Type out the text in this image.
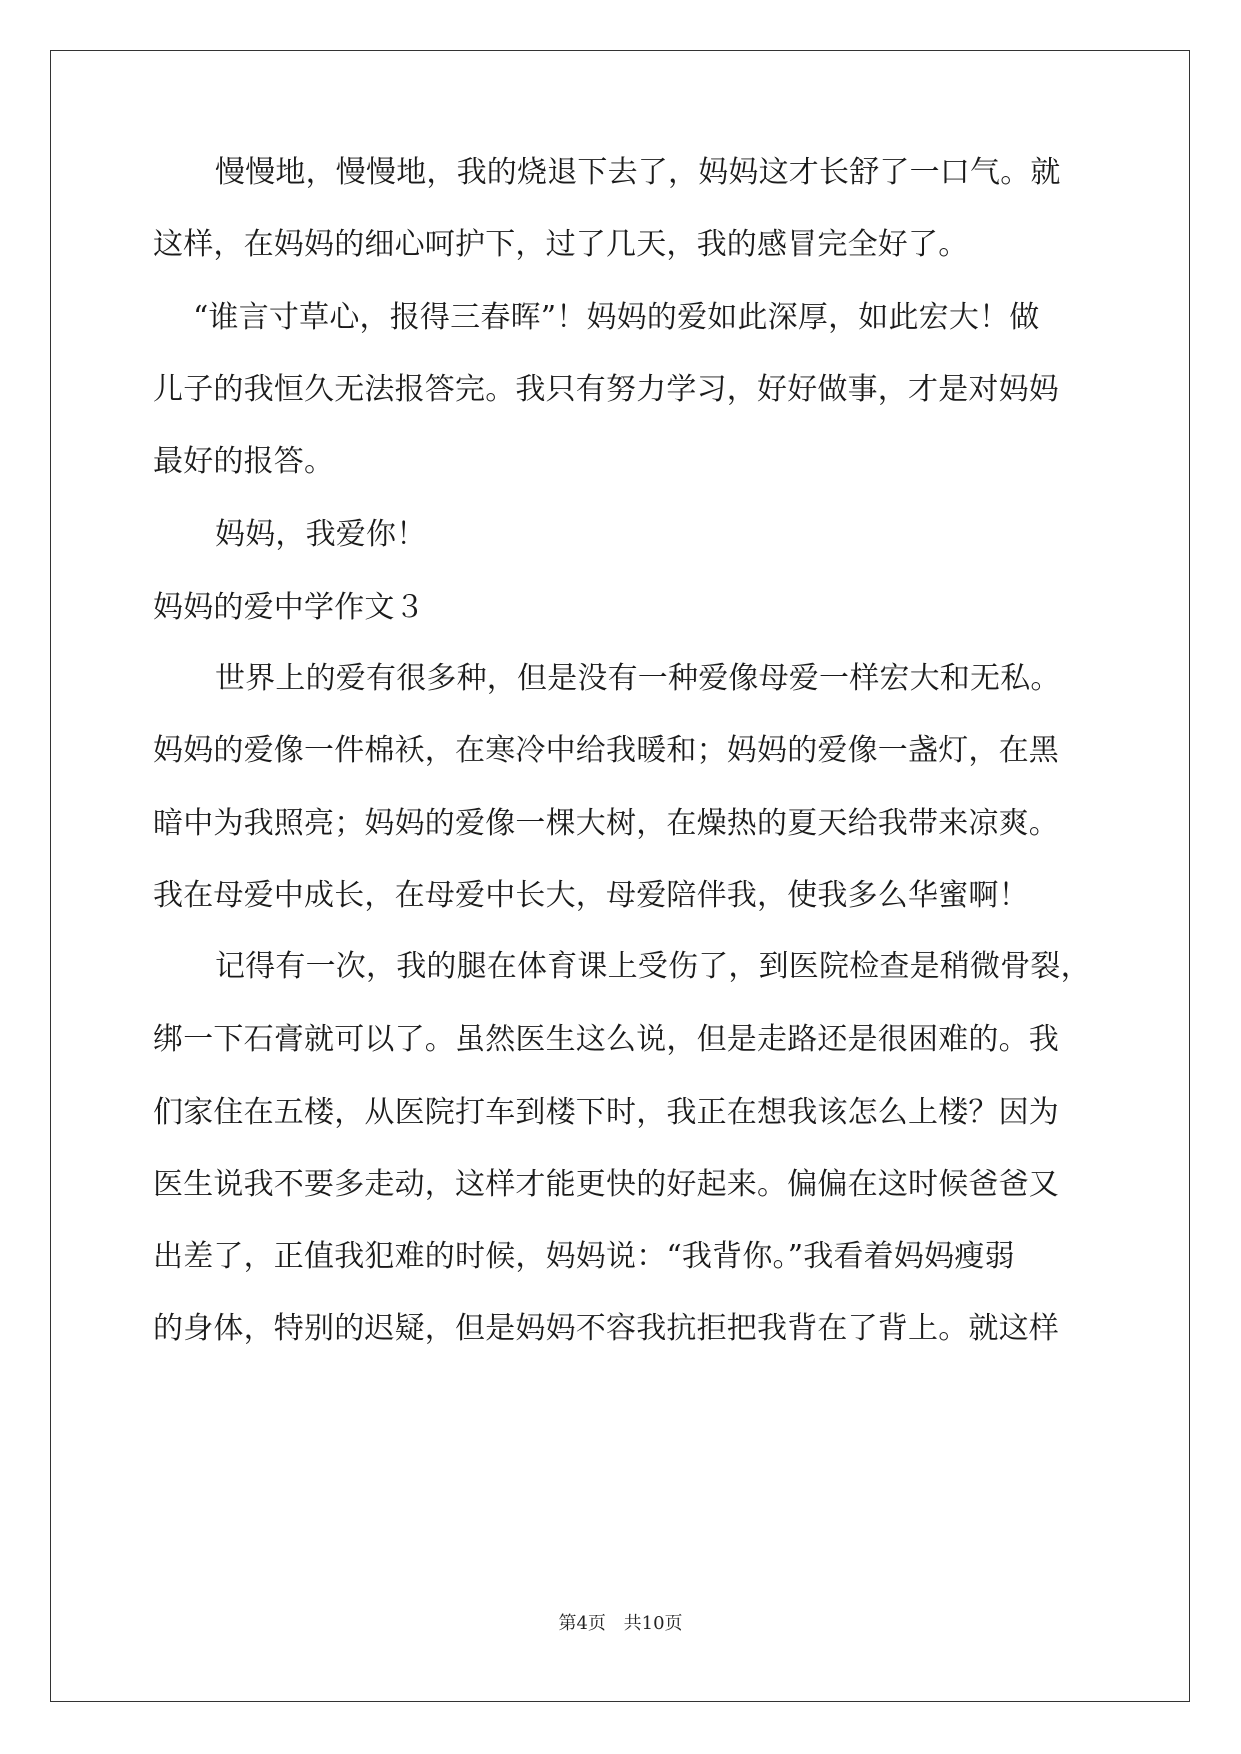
慢慢地，慢慢地，我的烧退下去了，妈妈这才长舒了一口气。就
这样，在妈妈的细心呵护下，过了几天，我的感冒完全好了。
“谁言寸草心，报得三春晖”！妈妈的爱如此深厚，如此宏大！做
儿子的我恒久无法报答完。我只有努力学习，好好做事，才是对妈妈
最好的报答。
妈妈，我爱你！
妈妈的爱中学作文３
世界上的爱有很多种，但是没有一种爱像母爱一样宏大和无私。
妈妈的爱像一件棉袄，在寒冷中给我暖和；妈妈的爱像一盏灯，在黑
暗中为我照亮；妈妈的爱像一棵大树，在燥热的夏天给我带来凉爽。
我在母爱中成长，在母爱中长大，母爱陪伴我，使我多么华蜜啊！
记得有一次，我的腿在体育课上受伤了，到医院检查是稍微骨裂，
绑一下石膏就可以了。虽然医生这么说，但是走路还是很困难的。我
们家住在五楼，从医院打车到楼下时，我正在想我该怎么上楼？因为
医生说我不要多走动，这样才能更快的好起来。偏偏在这时候爸爸又
出差了，正值我犯难的时候，妈妈说：“我背你。”我看着妈妈瘦弱
的身体，特别的迟疑，但是妈妈不容我抗拒把我背在了背上。就这样
第4页 共10页
